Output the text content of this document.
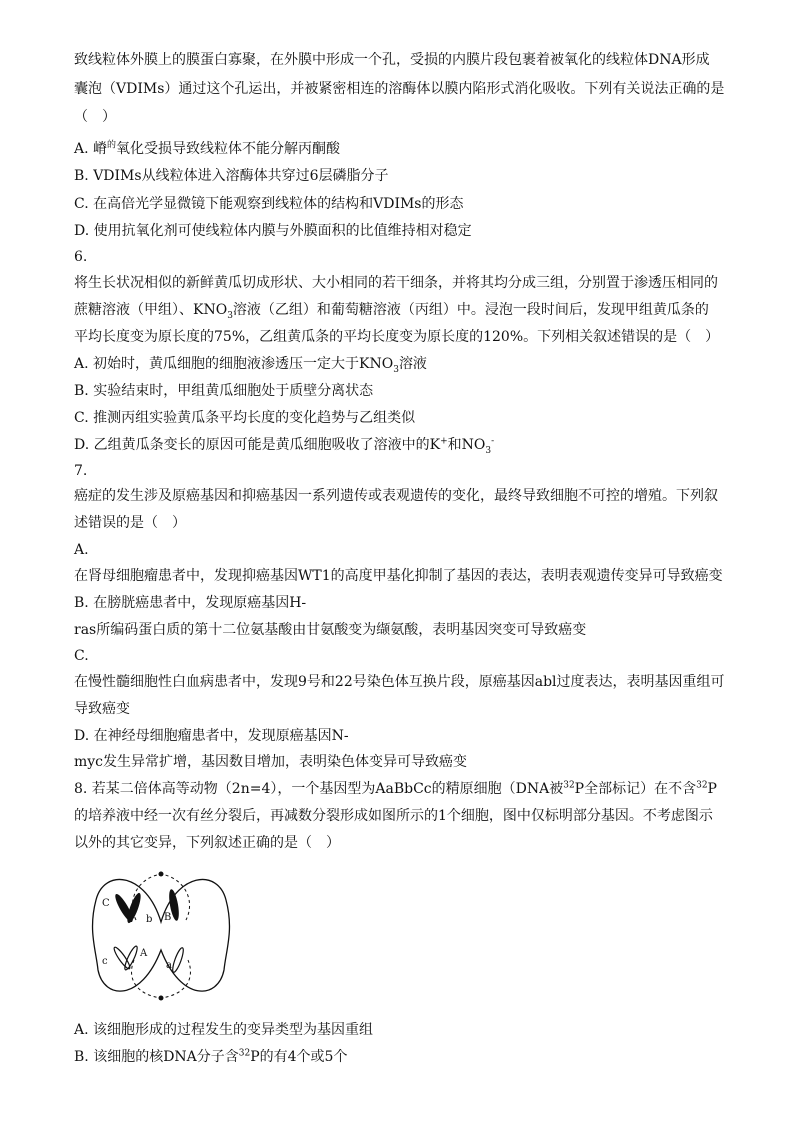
致线粒体外膜上的膜蛋白寡聚，在外膜中形成一个孔，受损的内膜片段包裹着被氧化的线粒体DNA形成

囊泡（VDIMs）通过这个孔运出，并被紧密相连的溶酶体以膜内陷形式消化吸收。下列有关说法正确的是

（　）

A. 嵴$^的$氧化受损导致线粒体不能分解丙酮酸

B. VDIMs从线粒体进入溶酶体共穿过6层磷脂分子

C. 在高倍光学显微镜下能观察到线粒体的结构和VDIMs的形态

D. 使用抗氧化剂可使线粒体内膜与外膜面积的比值维持相对稳定

6.

将生长状况相似的新鲜黄瓜切成形状、大小相同的若干细条，并将其均分成三组，分别置于渗透压相同的

蔗糖溶液（甲组）、$KNO_3$溶液（乙组）和葡萄糖溶液（丙组）中。浸泡一段时间后，发现甲组黄瓜条的

平均长度变为原长度的75%，乙组黄瓜条的平均长度变为原长度的120%。下列相关叙述错误的是（　）

A. 初始时，黄瓜细胞的细胞液渗透压一定大于$KNO_3$溶液

B. 实验结束时，甲组黄瓜细胞处于质壁分离状态

C. 推测丙组实验黄瓜条平均长度的变化趋势与乙组类似

D. 乙组黄瓜条变长的原因可能是黄瓜细胞吸收了溶液中的K+和$NO_3^-$

7.

癌症的发生涉及原癌基因和抑癌基因一系列遗传或表观遗传的变化，最终导致细胞不可控的增殖。下列叙

述错误的是（　）

A.

在肾母细胞瘤患者中，发现抑癌基因WT1的高度甲基化抑制了基因的表达，表明表观遗传变异可导致癌变

B. 在膀胱癌患者中，发现原癌基因H-

ras所编码蛋白质的第十二位氨基酸由甘氨酸变为缬氨酸，表明基因突变可导致癌变

C.

在慢性髓细胞性白血病患者中，发现9号和22号染色体互换片段，原癌基因abl过度表达，表明基因重组可

导致癌变

D. 在神经母细胞瘤患者中，发现原癌基因N-

myc发生异常扩增，基因数目增加，表明染色体变异可导致癌变

8. 若某二倍体高等动物（2n=4），一个基因型为AaBbCc的精原细胞（DNA被$^{32}$P全部标记）在不含$^{32}$P

的培养液中经一次有丝分裂后，再减数分裂形成如图所示的1个细胞，图中仅标明部分基因。不考虑图示

以外的其它变异，下列叙述正确的是（　）

C
b B
c
A
a

A. 该细胞形成的过程发生的变异类型为基因重组

B. 该细胞的核DNA分子含$^{32}$P的有4个或5个
